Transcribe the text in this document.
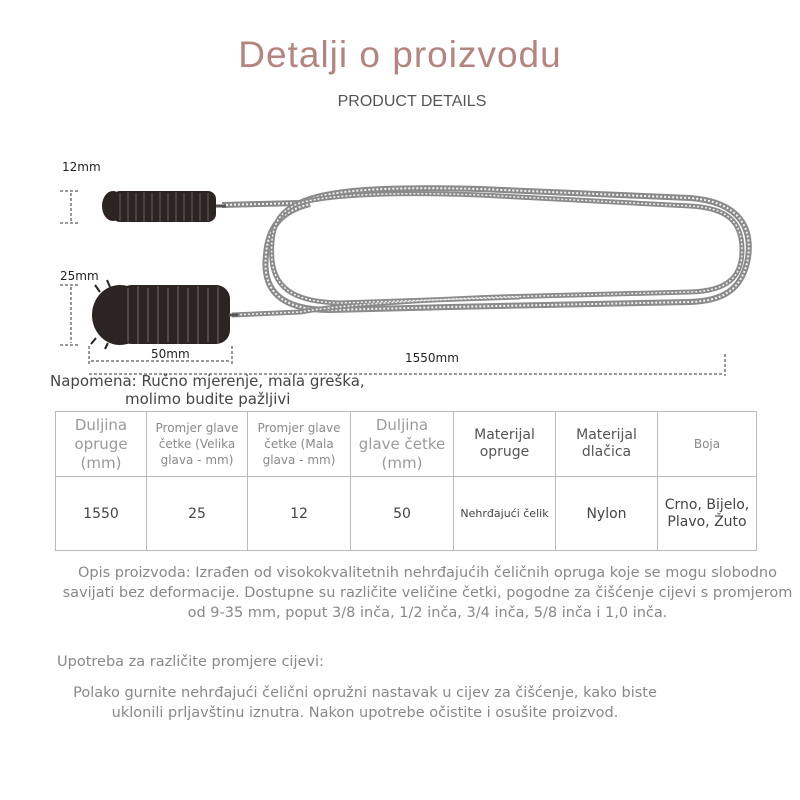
Detalji o proizvodu
PRODUCT DETAILS
12mm
25mm
50mm	1550mm
Napomena: Ručno mjerenje, mala greška,
molimo budite pažljivi
Duljina opruge (mm)	Promjer glave četke (Velika glava - mm)	Promjer glave četke (Mala glava - mm)	Duljina glave četke (mm)	Materijal opruge	Materijal dlačica	Boja
1550	25	12	50	Nehrđajući čelik	Nylon	Crno, Bijelo, Plavo, Žuto
Opis proizvoda: Izrađen od visokokvalitetnih nehrđajućih čeličnih opruga koje se mogu slobodno savijati bez deformacije. Dostupne su različite veličine četki, pogodne za čišćenje cijevi s promjerom od 9-35 mm, poput 3/8 inča, 1/2 inča, 3/4 inča, 5/8 inča i 1,0 inča.
Upotreba za različite promjere cijevi:
Polako gurnite nehrđajući čelični opružni nastavak u cijev za čišćenje, kako biste uklonili prljavštinu iznutra. Nakon upotrebe očistite i osušite proizvod.
